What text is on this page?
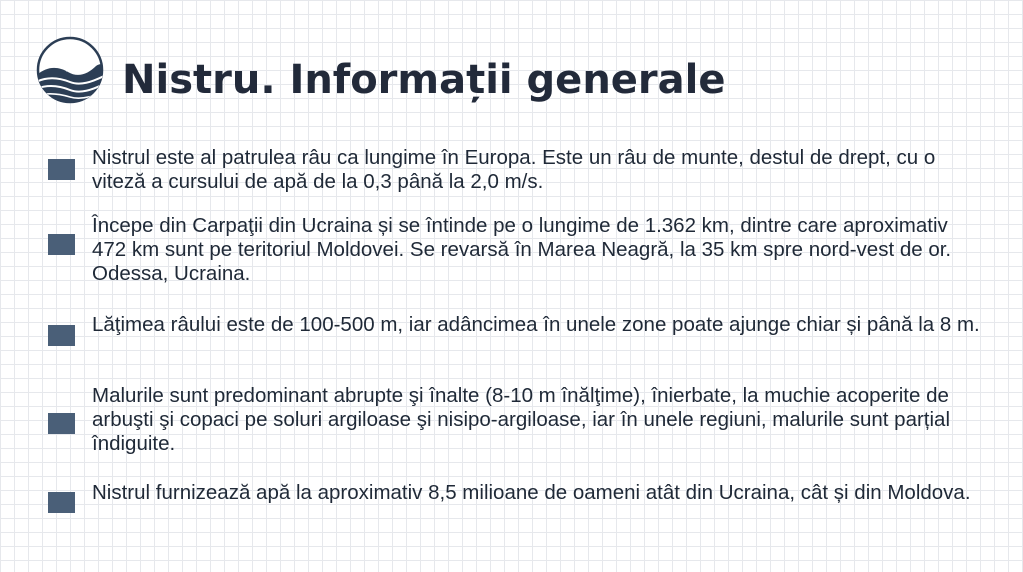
Nistru. Informații generale
Nistrul este al patrulea râu ca lungime în Europa. Este un râu de munte, destul de drept, cu o viteză a cursului de apă de la 0,3 până la 2,0 m/s.
Începe din Carpaţii din Ucraina și se întinde pe o lungime de 1.362 km, dintre care aproximativ 472 km sunt pe teritoriul Moldovei. Se revarsă în Marea Neagră, la 35 km spre nord-vest de or. Odessa, Ucraina.
Lăţimea râului este de 100-500 m, iar adâncimea în unele zone poate ajunge chiar și până la 8 m.
Malurile sunt predominant abrupte şi înalte (8-10 m înălţime), înierbate, la muchie acoperite de arbuşti şi copaci pe soluri argiloase şi nisipo-argiloase, iar în unele regiuni, malurile sunt parțial îndiguite.
Nistrul furnizează apă la aproximativ 8,5 milioane de oameni atât din Ucraina, cât și din Moldova.
